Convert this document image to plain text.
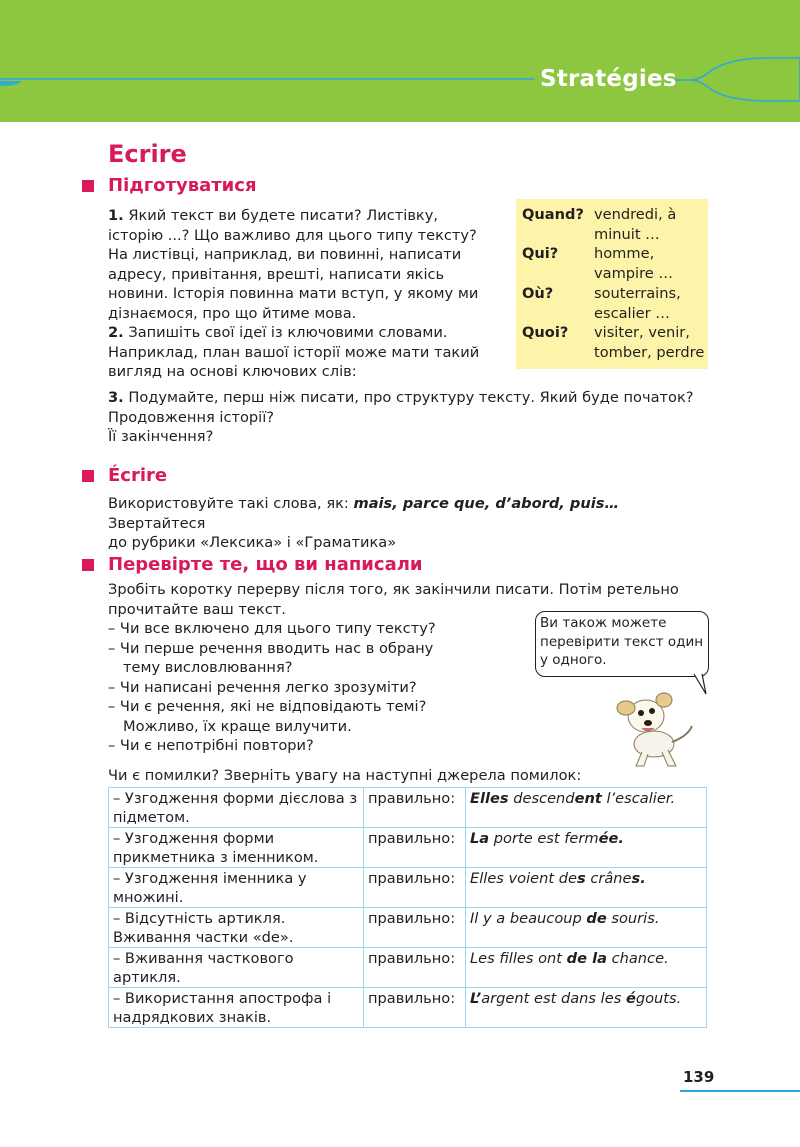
Stratégies
Ecrire
Підготуватися

1. Який текст ви будете писати? Листівку,

історію ...? Що важливо для цього типу тексту?

На листівці, наприклад, ви повинні, написати

адресу, привітання, врешті, написати якісь

новини. Історія повинна мати вступ, у якому ми

дізнаємося, про що йтиме мова.

2. Запишіть свої ідеї із ключовими словами.

Наприклад, план вашої історії може мати такий

вигляд на основі ключових слів:

Quand? vendredi, à minuit …
Qui? homme, vampire …
Où?	souterrains, escalier …
Quoi? visiter, venir, tomber, perdre

3. Подумайте, перш ніж писати, про структуру тексту. Який буде початок?

Продовження історії?

Її закінчення?

Écrire

Використовуйте такі слова, як: mais, parce que, d’abord, puis… Звертайтеся

до рубрики «Лексика» і «Граматика»

Перевірте те, що ви написали

Зробіть коротку перерву після того, як закінчили писати. Потім ретельно

прочитайте ваш текст.

– Чи все включено для цього типу тексту?

– Чи перше речення вводить нас в обрану

тему висловлювання?

– Чи написані речення легко зрозуміти?

– Чи є речення, які не відповідають темі?

Можливо, їх краще вилучити.

– Чи є непотрібні повтори?

Ви також можете перевірити текст один у одного.
Чи є помилки? Зверніть увагу на наступні джерела помилок:
– Узгодження форми дієслова з підметом.	правильно:	Elles descendent l’escalier.
– Узгодження форми прикметника з іменником.	правильно:	La porte est fermée.
– Узгодження іменника у множині.	правильно:	Elles voient des crânes.
– Відсутність артикля. Вживання частки «de».	правильно:	Il y a beaucoup de souris.
– Вживання часткового артикля.	правильно:	Les filles ont de la chance.
– Використання апострофа і надрядкових знаків.	правильно:	L’argent est dans les égouts.
139
